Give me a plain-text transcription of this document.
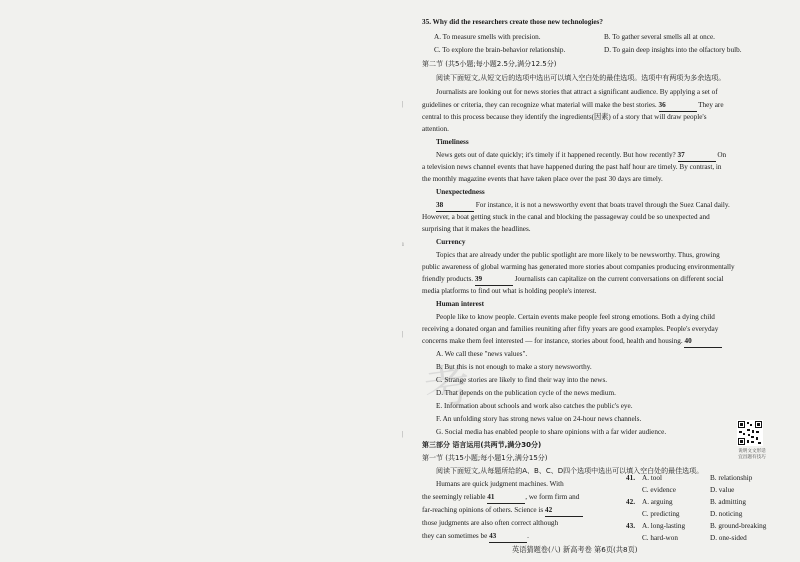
考
|
ı
|
|
35. Why did the researchers create those new technologies?
A. To measure smells with precision.	B. To gather several smells all at once.
C. To explore the brain-behavior relationship.	D. To gain deep insights into the olfactory bulb.
第二节 (共5小题;每小题2.5分,满分12.5分)
阅读下面短文,从短文后的选项中选出可以填入空白处的最佳选项。选项中有两项为多余选项。
Journalists are looking out for news stories that attract a significant audience. By applying a set of
guidelines or criteria, they can recognize what material will make the best stories. 36	They are
central to this process because they identify the ingredients(因素) of a story that will draw people's
attention.
Timeliness
News gets out of date quickly; it's timely if it happened recently. But how recently? 37	On
a television news channel events that have happened during the past half hour are timely. By contrast, in
the monthly magazine events that have taken place over the past 30 days are timely.
Unexpectedness
38	For instance, it is not a newsworthy event that boats travel through the Suez Canal daily.
However, a boat getting stuck in the canal and blocking the passageway could be so unexpected and
surprising that it makes the headlines.
Currency
Topics that are already under the public spotlight are more likely to be newsworthy. Thus, growing
public awareness of global warming has generated more stories about companies producing environmentally
friendly products. 39	Journalists can capitalize on the current conversations on different social
media platforms to find out what is holding people's interest.
Human interest
People like to know people. Certain events make people feel strong emotions. Both a dying child
receiving a donated organ and families reuniting after fifty years are good examples. People's everyday
concerns make them feel interested — for instance, stories about food, health and housing. 40
A. We call these "news values".
B. But this is not enough to make a story newsworthy.
C. Strange stories are likely to find their way into the news.
D. That depends on the publication cycle of the news medium.
E. Information about schools and work also catches the public's eye.
F. An unfolding story has strong news value on 24-hour news channels.
G. Social media has enabled people to share opinions with a far wider audience.
第三部分 语言运用(共两节,满分30分)
第一节 (共15小题;每小题1分,满分15分)
阅读下面短文,从每题所给的A、B、C、D四个选项中选出可以填入空白处的最佳选项。
Humans are quick judgment machines. With
the seemingly reliable 41	, we form firm and
far-reaching opinions of others. Science is 42
those judgments are also often correct although
they can sometimes be 43	.
41. A. tool	B. relationship
C. evidence	D. value
42. A. arguing	B. admitting
C. predicting	D. noticing
43. A. long-lasting	B. ground-breaking
C. hard-won	D. one-sided
说明文文形话
宜昌题有技巧
英语猜题卷(八) 新高考卷 第6页(共8页)
